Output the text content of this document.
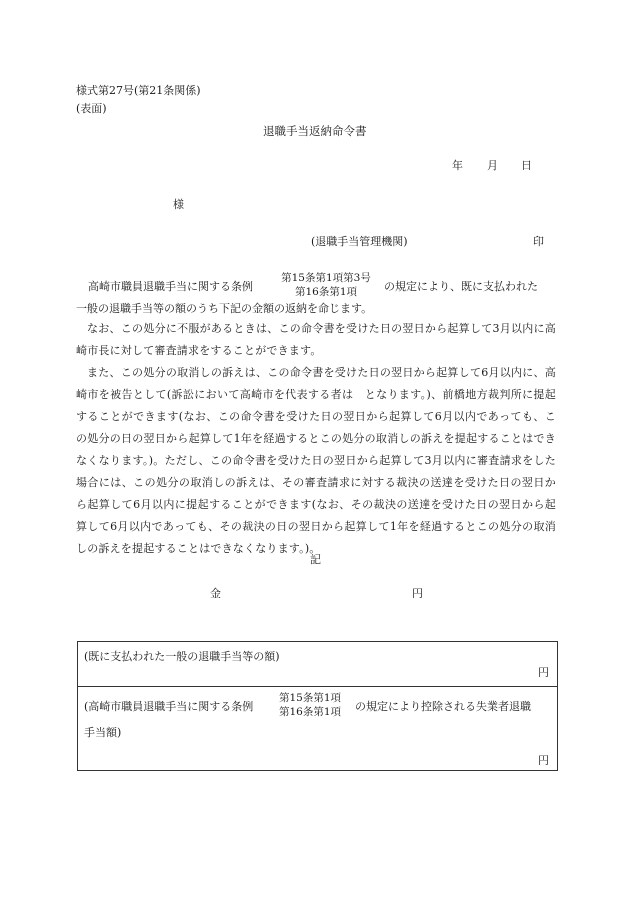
様式第27号(第21条関係)
(表面)
退職手当返納命令書
年 月 日
様
(退職手当管理機関)	印
高崎市職員退職手当に関する条例
第15条第1項第3号
第16条第1項	の規定により、既に支払われた
一般の退職手当等の額のうち下記の金額の返納を命じます。
なお、この処分に不服があるときは、この命令書を受けた日の翌日から起算して3月以内に高崎市長に対して審査請求をすることができます。
また、この処分の取消しの訴えは、この命令書を受けた日の翌日から起算して6月以内に、高崎市を被告として(訴訟において高崎市を代表する者は　となります。)、前橋地方裁判所に提起することができます(なお、この命令書を受けた日の翌日から起算して6月以内であっても、この処分の日の翌日から起算して1年を経過するとこの処分の取消しの訴えを提起することはできなくなります。)。ただし、この命令書を受けた日の翌日から起算して3月以内に審査請求をした場合には、この処分の取消しの訴えは、その審査請求に対する裁決の送達を受けた日の翌日から起算して6月以内に提起することができます(なお、その裁決の送達を受けた日の翌日から起算して6月以内であっても、その裁決の日の翌日から起算して1年を経過するとこの処分の取消しの訴えを提起することはできなくなります。)。
記
金	円
(既に支払われた一般の退職手当等の額)
円
(高崎市職員退職手当に関する条例
第15条第1項
第16条第1項	の規定により控除される失業者退職
手当額)
円
